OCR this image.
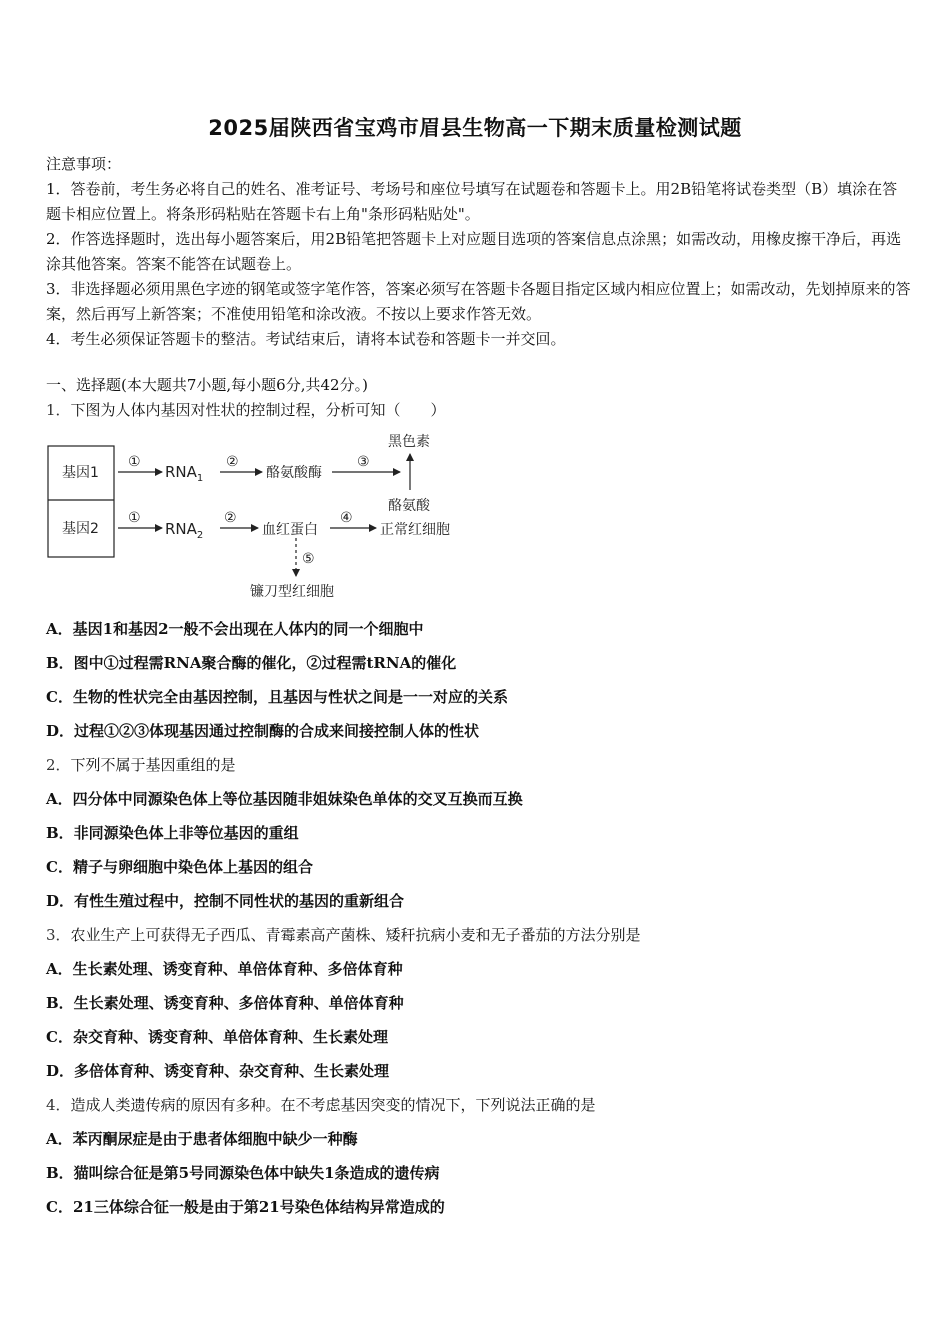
2025届陕西省宝鸡市眉县生物高一下期末质量检测试题

注意事项：

1．答卷前，考生务必将自己的姓名、准考证号、考场号和座位号填写在试题卷和答题卡上。用2B铅笔将试卷类型（B）填涂在答题卡相应位置上。将条形码粘贴在答题卡右上角"条形码粘贴处"。

2．作答选择题时，选出每小题答案后，用2B铅笔把答题卡上对应题目选项的答案信息点涂黑；如需改动，用橡皮擦干净后，再选涂其他答案。答案不能答在试题卷上。

3．非选择题必须用黑色字迹的钢笔或签字笔作答，答案必须写在答题卡各题目指定区域内相应位置上；如需改动，先划掉原来的答案，然后再写上新答案；不准使用铅笔和涂改液。不按以上要求作答无效。

4．考生必须保证答题卡的整洁。考试结束后，请将本试卷和答题卡一并交回。

一、选择题(本大题共7小题,每小题6分,共42分。)
1．下图为人体内基因对性状的控制过程，分析可知（　　）
基因1
基因2
①
$RNA_1$
②
酪氨酸酶
③
黑色素
酪氨酸
①
$RNA_2$
②
血红蛋白
④
正常红细胞
⑤
镰刀型红细胞
A．基因1和基因2一般不会出现在人体内的同一个细胞中
B．图中①过程需RNA聚合酶的催化，②过程需tRNA的催化
C．生物的性状完全由基因控制，且基因与性状之间是一一对应的关系
D．过程①②③体现基因通过控制酶的合成来间接控制人体的性状
2．下列不属于基因重组的是
A．四分体中同源染色体上等位基因随非姐妹染色单体的交叉互换而互换
B．非同源染色体上非等位基因的重组
C．精子与卵细胞中染色体上基因的组合
D．有性生殖过程中，控制不同性状的基因的重新组合
3．农业生产上可获得无子西瓜、青霉素高产菌株、矮秆抗病小麦和无子番茄的方法分别是
A．生长素处理、诱变育种、单倍体育种、多倍体育种
B．生长素处理、诱变育种、多倍体育种、单倍体育种
C．杂交育种、诱变育种、单倍体育种、生长素处理
D．多倍体育种、诱变育种、杂交育种、生长素处理
4．造成人类遗传病的原因有多种。在不考虑基因突变的情况下，下列说法正确的是
A．苯丙酮尿症是由于患者体细胞中缺少一种酶
B．猫叫综合征是第5号同源染色体中缺失1条造成的遗传病
C．21三体综合征一般是由于第21号染色体结构异常造成的
